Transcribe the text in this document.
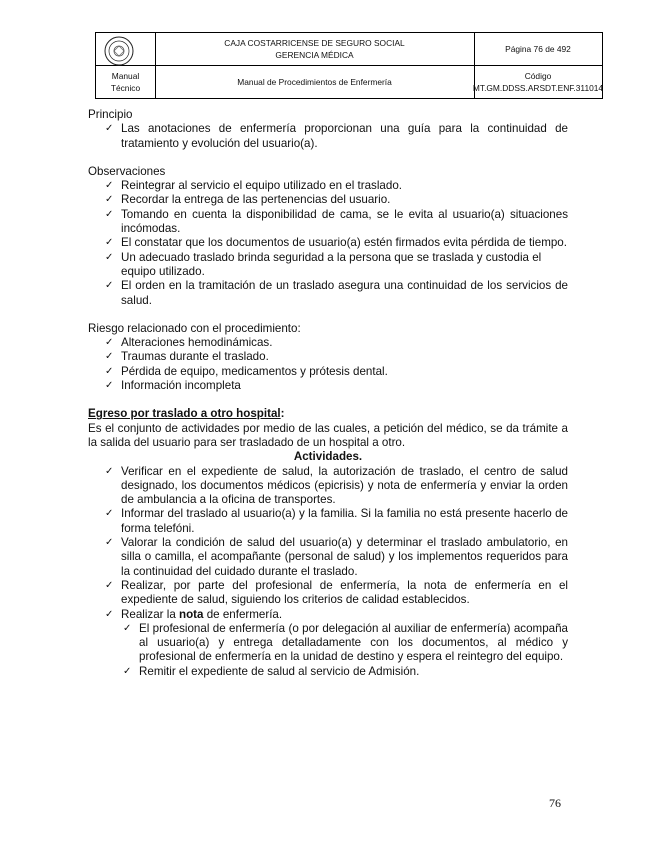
CAJA COSTARRICENSE DE SEGURO SOCIAL
GERENCIA MÉDICA
Página 76 de 492
Manual
Técnico
Manual de Procedimientos de Enfermería
Código
MT.GM.DDSS.ARSDT.ENF.311014

Principio

✓ Las anotaciones de enfermería proporcionan una guía para la continuidad de tratamiento y evolución del usuario(a).

Observaciones

✓ Reintegrar al servicio el equipo utilizado en el traslado.
✓ Recordar la entrega de las pertenencias del usuario.
✓ Tomando en cuenta la disponibilidad de cama, se le evita al usuario(a) situaciones incómodas.
✓ El constatar que los documentos de usuario(a) estén firmados evita pérdida de tiempo.
✓ Un adecuado traslado brinda seguridad a la persona que se traslada y custodia el equipo utilizado.
✓ El orden en la tramitación de un traslado asegura una continuidad de los servicios de salud.

Riesgo relacionado con el procedimiento:

✓ Alteraciones hemodinámicas.
✓ Traumas durante el traslado.
✓ Pérdida de equipo, medicamentos y prótesis dental.
✓ Información incompleta

Egreso por traslado a otro hospital:

Es el conjunto de actividades por medio de las cuales, a petición del médico, se da trámite a la salida del usuario para ser trasladado de un hospital a otro.

Actividades.

✓ Verificar en el expediente de salud, la autorización de traslado, el centro de salud designado, los documentos médicos (epicrisis) y nota de enfermería y enviar la orden de ambulancia a la oficina de transportes.
✓ Informar del traslado al usuario(a) y la familia. Si la familia no está presente hacerlo de forma telefóni.
✓ Valorar la condición de salud del usuario(a) y determinar el traslado ambulatorio, en silla o camilla, el acompañante (personal de salud) y los implementos requeridos para la continuidad del cuidado durante el traslado.
✓ Realizar, por parte del profesional de enfermería, la nota de enfermería en el expediente de salud, siguiendo los criterios de calidad establecidos.
✓ Realizar la nota de enfermería.
✓ El profesional de enfermería (o por delegación al auxiliar de enfermería) acompaña al usuario(a) y entrega detalladamente con los documentos, al médico y profesional de enfermería en la unidad de destino y espera el reintegro del equipo.
✓ Remitir el expediente de salud al servicio de Admisión.
76
